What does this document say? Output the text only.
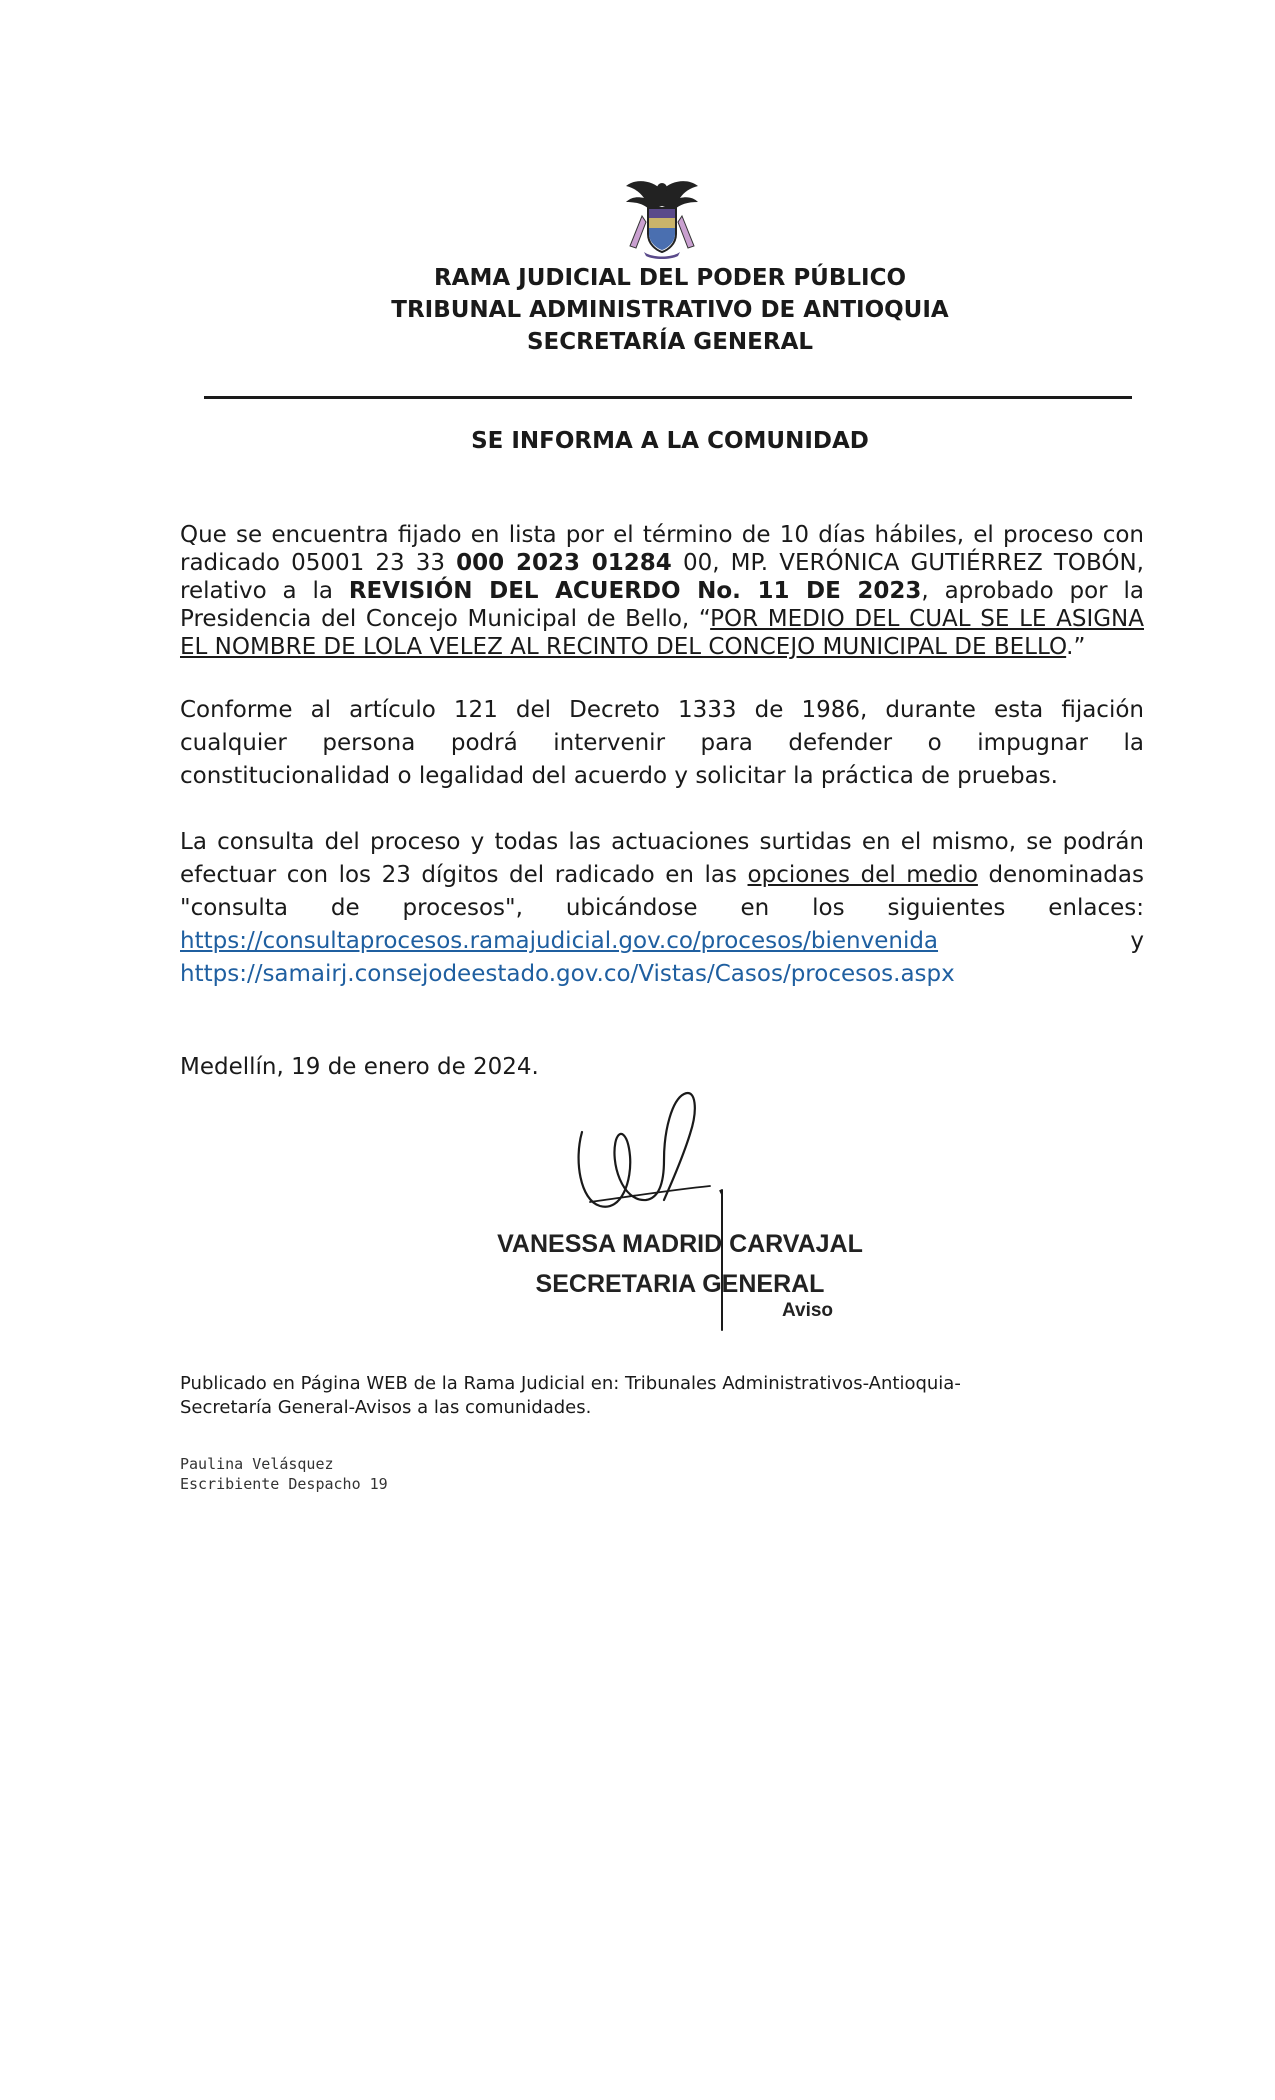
RAMA JUDICIAL DEL PODER PÚBLICO
TRIBUNAL ADMINISTRATIVO DE ANTIOQUIA
SECRETARÍA GENERAL
SE INFORMA A LA COMUNIDAD
Que se encuentra fijado en lista por el término de 10 días hábiles, el proceso con
radicado 05001 23 33 000 2023 01284 00, MP. VERÓNICA GUTIÉRREZ TOBÓN,
relativo a la REVISIÓN DEL ACUERDO No. 11 DE 2023, aprobado por la
Presidencia del Concejo Municipal de Bello, “POR MEDIO DEL CUAL SE LE ASIGNA
EL NOMBRE DE LOLA VELEZ AL RECINTO DEL CONCEJO MUNICIPAL DE BELLO.”
Conforme al artículo 121 del Decreto 1333 de 1986, durante esta fijación
cualquier persona podrá intervenir para defender o impugnar la
constitucionalidad o legalidad del acuerdo y solicitar la práctica de pruebas.
La consulta del proceso y todas las actuaciones surtidas en el mismo, se podrán
efectuar con los 23 dígitos del radicado en las opciones del medio denominadas
"consulta de procesos", ubicándose en los siguientes enlaces:
https://consultaprocesos.ramajudicial.gov.co/procesos/bienvenida	y
https://samairj.consejodeestado.gov.co/Vistas/Casos/procesos.aspx
Medellín, 19 de enero de 2024.
VANESSA MADRID CARVAJAL
SECRETARIA GENERAL
Aviso
Publicado en Página WEB de la Rama Judicial en: Tribunales Administrativos-Antioquia-
Secretaría General-Avisos a las comunidades.
Paulina Velásquez
Escribiente Despacho 19
